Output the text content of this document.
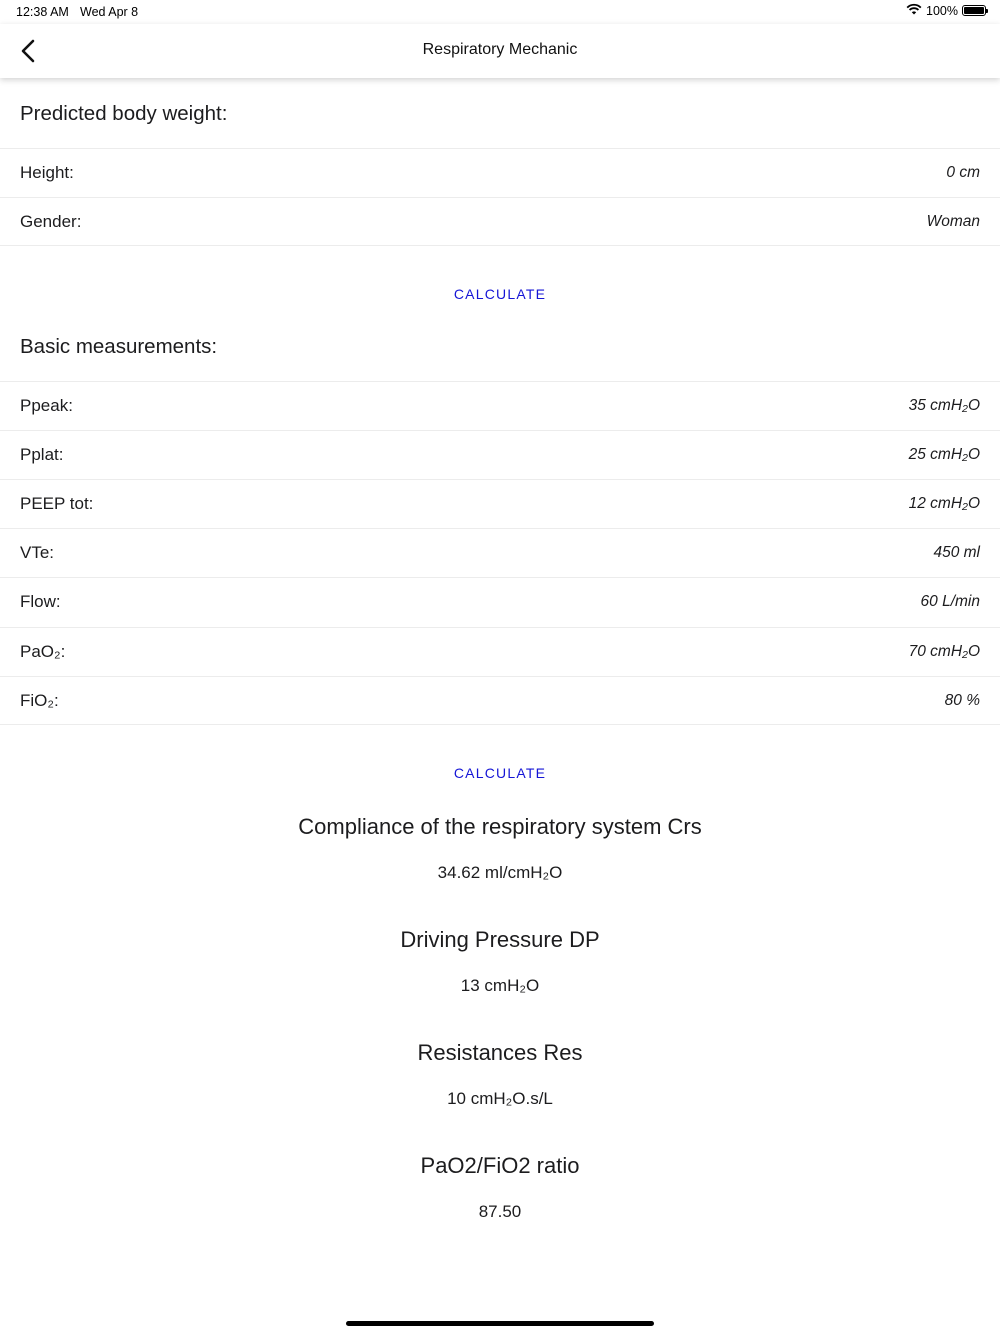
12:38 AM Wed Apr 8	100%
Respiratory Mechanic
Predicted body weight:
Height:	0 cm
Gender:	Woman
CALCULATE
Basic measurements:
Ppeak:	35 cmH₂O
Pplat:	25 cmH₂O
PEEP tot:	12 cmH₂O
VTe:	450 ml
Flow:	60 L/min
PaO₂:	70 cmH₂O
FiO₂:	80 %
CALCULATE
Compliance of the respiratory system Crs
34.62 ml/cmH₂O
Driving Pressure DP
13 cmH₂O
Resistances Res
10 cmH₂O.s/L
PaO2/FiO2 ratio
87.50
